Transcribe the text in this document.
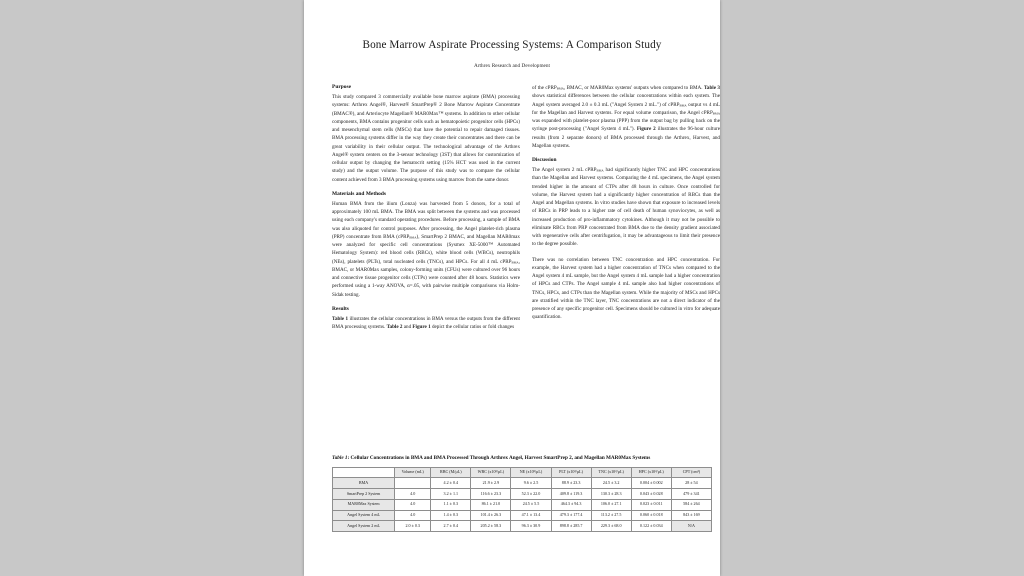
Bone Marrow Aspirate Processing Systems: A Comparison Study
Arthrex Research and Development
Purpose

This study compared 3 commercially available bone marrow aspirate (BMA) processing systems: Arthrex Angel®, Harvest® SmartPrep® 2 Bone Marrow Aspirate Concentrate (BMAC®), and Arteriocyte Magellan® MAR0Max™ systems. In addition to other cellular components, BMA contains progenitor cells such as hematopoietic progenitor cells (HPCs) and mesenchymal stem cells (MSCs) that have the potential to repair damaged tissues. BMA processing systems differ in the way they create their concentrates and there can be great variability in their cellular output. The technological advantage of the Arthrex Angel® system centers on the 3-sensor technology (3ST) that allows for customization of cellular output by changing the hematocrit setting (15% HCT was used in the current study) and the output volume. The purpose of this study was to compare the cellular content achieved from 3 BMA processing systems using marrow from the same donor.

Materials and Methods

Human BMA from the ilium (Lonza) was harvested from 5 donors, for a total of approximately 100 mL BMA. The BMA was split between the systems and was processed using each company's standard operating procedures. Before processing, a sample of BMA was also aliquoted for control purposes. After processing, the Angel platelet-rich plasma (PRP) concentrate from BMA (cPRP$_{BMA}$), SmartPrep 2 BMAC, and Magellan MAR0max were analyzed for specific cell concentrations (Sysmex XE-5000™ Automated Hematology System): red blood cells (RBCs), white blood cells (WBCs), neutrophils (NEs), platelets (PLTs), total nucleated cells (TNCs), and HPCs. For all 4 mL cPRP$_{BMA}$, BMAC, or MAR0Max samples, colony-forming units (CFUs) were cultured over 96 hours and connective tissue progenitor cells (CTPs) were counted after 48 hours. Statistics were performed using a 1-way ANOVA, α=.05, with pairwise multiple comparisons via Holm-Sidak testing.

Results

Table 1 illustrates the cellular concentrations in BMA versus the outputs from the different BMA processing systems. Table 2 and Figure 1 depict the cellular ratios or fold changes

of the cPRP$_{BMA}$, BMAC, or MAR0Max systems' outputs when compared to BMA. Table 3 shows statistical differences between the cellular concentrations within each system. The Angel system averaged 2.0 ± 0.3 mL ("Angel System 2 mL.") of cPRP$_{BMA}$ output vs 4 mL for the Magellan and Harvest systems. For equal volume comparison, the Angel cPRP$_{BMA}$ was expanded with platelet-poor plasma (PPP) from the output bag by pulling back on the syringe post-processing ("Angel System 4 mL"). Figure 2 illustrates the 96-hour culture results (from 2 separate donors) of BMA processed through the Arthrex, Harvest, and Magellan systems.

Discussion

The Angel system 2 mL cPRP$_{BMA}$ had significantly higher TNC and HPC concentrations than the Magellan and Harvest systems. Comparing the 4 mL specimens, the Angel system trended higher in the amount of CTPs after 48 hours in culture. Once controlled for volume, the Harvest system had a significantly higher concentration of RBCs than the Angel and Magellan systems. In vitro studies have shown that exposure to increased levels of RBCs in PRP leads to a higher rate of cell death of human synoviocytes, as well as increased production of pro-inflammatory cytokines. Although it may not be possible to eliminate RBCs from PRP concentrated from BMA due to the density gradient associated with regenerative cells after centrifugation, it may be advantageous to limit their presence to the degree possible.

There was no correlation between TNC concentration and HPC concentration. For example, the Harvest system had a higher concentration of TNCs when compared to the Angel system 4 mL sample, but the Angel system 4 mL sample had a higher concentration of HPCs and CTPs. The Angel sample 4 mL sample also had higher concentrations of TNCs, HPCs, and CTPs than the Magellan system. While the majority of MSCs and HPCs are stratified within the TNC layer, TNC concentrations are not a direct indicator of the presence of any specific progenitor cell. Specimens should be cultured in vitro for adequate quantification.

Table 1: Cellular Concentrations in BMA and BMA Processed Through Arthrex Angel, Harvest SmartPrep 2, and Magellan MAR0Max Systems
	Volume (mL)	RBC (M/µL)	WBC (x10³/µL)	NE (x10³/µL)	PLT (x10³/µL)	TNC (x10³/µL)	HPC (x10³/µL)	CPT (cm³)
BMA		4.2 ± 0.4	21.9 ± 2.9	9.6 ± 2.5	88.9 ± 23.3	24.5 ± 3.2	0.004 ± 0.002	28 ± 54
SmartPrep 2 System	4.0	3.2 ± 1.1	116.6 ± 23.3	52.3 ± 22.0	409.8 ± 119.3	130.3 ± 28.3	0.043 ± 0.028	479 ± 341
MAR0Max System	4.0	1.1 ± 0.3	86.1 ± 21.0	24.5 ± 5.5	464.3 ± 94.3	106.0 ± 27.1	0.023 ± 0.011	584 ± 264
Angel System 4 mL	4.0	1.4 ± 0.3	101.4 ± 26.3	47.1 ± 13.4	479.3 ± 177.4	113.2 ± 27.5	0.060 ± 0.018	843 ± 169
Angel System 2 mL	2.0 ± 0.3	2.7 ± 0.4	205.2 ± 58.3	96.3 ± 30.9	898.8 ± 285.7	229.3 ± 68.0	0.122 ± 0.034	N/A
